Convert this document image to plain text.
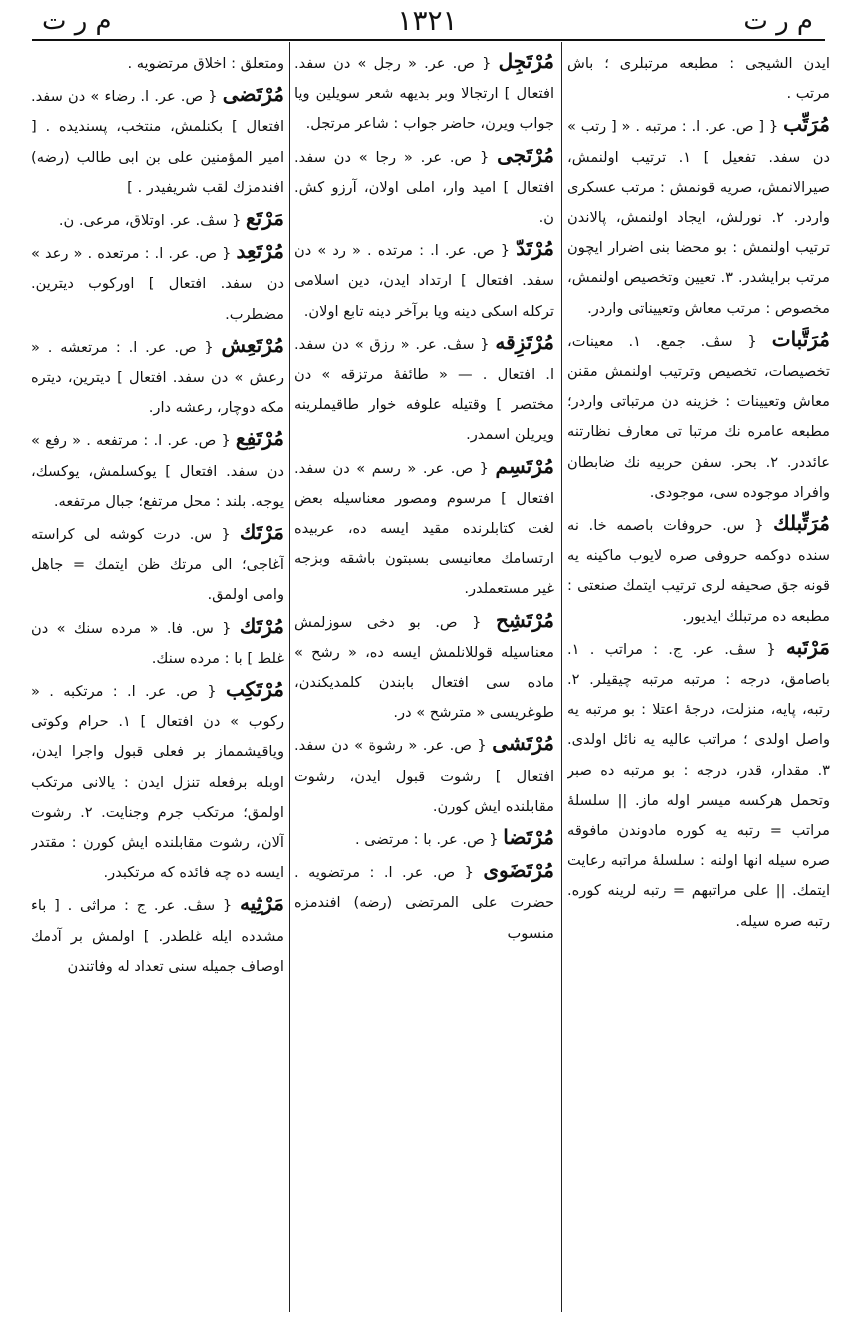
م ر ت
١٣٢١
م ر ت

ايدن الشيجى : مطبعه مرتبلرى ؛ باش مرتب .

مُرَتِّب { [ ص. عر. ا. : مرتبه . « [ رتب » دن سفد. تفعيل ] ١. ترتيب اولنمش، صيرالانمش، صريه قونمش : مرتب عسكرى واردر. ٢. نورلش، ايجاد اولنمش، پالاندن ترتيب اولنمش : بو محضا بنى اضرار ايچون مرتب برايشدر. ٣. تعيين وتخصيص اولنمش، مخصوص : مرتب معاش وتعييناتى واردر.

مُرَتَّبات { سڤ. جمع. ١. معينات، تخصيصات، تخصيص وترتيب اولنمش مقنن معاش وتعيينات : خزينه دن مرتباتى واردر؛ مطبعه عامره نك مرتبا تى معارف نظارتنه عائددر. ٢. بحر. سفن حربيه نك ضابطان وافراد موجوده سى، موجودى.

مُرَتِّبلك { س. حروفات باصمه خا. نه سنده دوكمه حروفى صره لايوب ماكينه يه قونه جق صحيفه لرى ترتيب ايتمك صنعتى : مطبعه ده مرتبلك ايديور.

مَرْتَبه { سڤ. عر. ج. : مراتب . ١. باصامق، درجه : مرتبه مرتبه چيقيلر. ٢. رتبه، پايه، منزلت، درجهٔ اعتلا : بو مرتبه يه واصل اولدى ؛ مراتب عاليه يه نائل اولدى. ٣. مقدار، قدر، درجه : بو مرتبه ده صبر وتحمل هركسه ميسر اوله ماز. || سلسلهٔ مراتب = رتبه يه كوره مادوندن مافوقه صره سيله انها اولنه : سلسلهٔ مراتبه رعايت ايتمك. || على مراتبهم = رتبه لرينه كوره. رتبه صره سيله.

مُرْتَجِل { ص. عر. « رجل » دن سفد. افتعال ] ارتجالا وبر بديهه شعر سويلين ويا جواب ويرن، حاضر جواب : شاعر مرتجل.

مُرْتَجى { ص. عر. « رجا » دن سفد. افتعال ] اميد وار، املى اولان، آرزو كش. ن.

مُرْتَدّ { ص. عر. ا. : مرتده . « رد » دن سفد. افتعال ] ارتداد ايدن، دين اسلامى تركله اسكى دينه ويا برآخر دينه تابع اولان.

مُرْتَزِقه { سڤ. عر. « رزق » دن سفد. ا. افتعال . — « طائفهٔ مرتزقه » دن مختصر ] وقتيله علوفه خوار طاقيملرينه ويريلن اسمدر.

مُرْتَسِم { ص. عر. « رسم » دن سفد. افتعال ] مرسوم ومصور معناسيله بعض لغت كتابلرنده مقيد ايسه ده، عربيده ارتسامك معانيسى بسبتون باشقه وبزجه غير مستعملدر.

مُرْتَشِح { ص. بو دخى سوزلمش معناسيله قوللانلمش ايسه ده، « رشح » ماده سى افتعال بابندن كلمديكندن، طوغريسى « مترشح » در.

مُرْتَشى { ص. عر. « رشوة » دن سفد. افتعال ] رشوت قبول ايدن، رشوت مقابلنده ايش كورن.

مُرْتَضا { ص. عر. با : مرتضى .

مُرْتَضَوى { ص. عر. ا. : مرتضويه . حضرت على المرتضى (رضه) افندمزه منسوب

ومتعلق : اخلاق مرتضويه .

مُرْتَضى { ص. عر. ا. رضاء » دن سفد. افتعال ] بكنلمش، منتخب، پسنديده . [ امير المؤمنين على بن ابى طالب (رضه) افندمزك لقب شريفيدر . ]

مَرْتَع { سڤ. عر. اوتلاق، مرعى. ن.

مُرْتَعِد { ص. عر. ا. : مرتعده . « رعد » دن سفد. افتعال ] اوركوب ديترين. مضطرب.

مُرْتَعِش { ص. عر. ا. : مرتعشه . « رعش » دن سفد. افتعال ] ديترين، ديتره مكه دوچار، رعشه دار.

مُرْتَفِع { ص. عر. ا. : مرتفعه . « رفع » دن سفد. افتعال ] يوكسلمش، يوكسك، يوجه. بلند : محل مرتفع؛ جبال مرتفعه.

مَرْتَك { س. درت كوشه لى كراسته آغاجى؛ الى مرتك ظن ايتمك = جاهل وامى اولمق.

مُرْتَك { س. فا. « مرده سنك » دن غلط ] با : مرده سنك.

مُرْتَكِب { ص. عر. ا. : مرتكبه . « ركوب » دن افتعال ] ١. حرام وكوتى وياقيشمماز بر فعلى قبول واجرا ايدن، اوبله برفعله تنزل ايدن : يالانى مرتكب اولمق؛ مرتكب جرم وجنايت. ٢. رشوت آلان، رشوت مقابلنده ايش كورن : مقتدر ايسه ده چه فائده كه مرتكبدر.

مَرْثِيه { سڤ. عر. ج : مراثى . [ باء مشدده ايله غلطدر. ] اولمش بر آدمك اوصاف جميله سنى تعداد له وفاتندن
